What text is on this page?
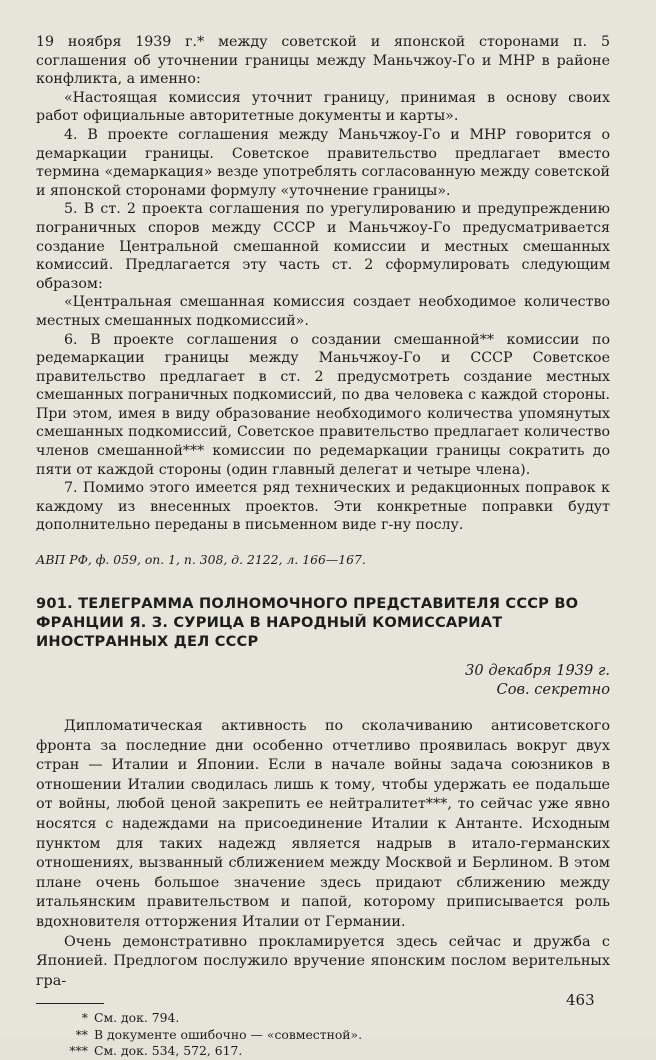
19 ноября 1939 г.* между советской и японской сторонами п. 5 соглашения об уточнении границы между Маньчжоу-Го и МНР в районе конфликта, а именно:

«Настоящая комиссия уточнит границу, принимая в основу своих работ официальные авторитетные документы и карты».

4. В проекте соглашения между Маньчжоу-Го и МНР говорится о демаркации границы. Советское правительство предлагает вместо термина «демаркация» везде употреблять согласованную между советской и японской сторонами формулу «уточнение границы».

5. В ст. 2 проекта соглашения по урегулированию и предупреждению пограничных споров между СССР и Маньчжоу-Го предусматривается создание Центральной смешанной комиссии и местных смешанных комиссий. Предлагается эту часть ст. 2 сформулировать следующим образом:

«Центральная смешанная комиссия создает необходимое количество местных смешанных подкомиссий».

6. В проекте соглашения о создании смешанной** комиссии по редемаркации границы между Маньчжоу-Го и СССР Советское правительство предлагает в ст. 2 предусмотреть создание местных смешанных пограничных подкомиссий, по два человека с каждой стороны. При этом, имея в виду образование необходимого количества упомянутых смешанных подкомиссий, Советское правительство предлагает количество членов смешанной*** комиссии по редемаркации границы сократить до пяти от каждой стороны (один главный делегат и четыре члена).

7. Помимо этого имеется ряд технических и редакционных поправок к каждому из внесенных проектов. Эти конкретные поправки будут дополнительно переданы в письменном виде г-ну послу.

АВП РФ, ф. 059, оп. 1, п. 308, д. 2122, л. 166—167.

901. ТЕЛЕГРАММА ПОЛНОМОЧНОГО ПРЕДСТАВИТЕЛЯ СССР ВО ФРАНЦИИ Я. З. СУРИЦА В НАРОДНЫЙ КОМИССАРИАТ ИНОСТРАННЫХ ДЕЛ СССР

30 декабря 1939 г.
Сов. секретно

Дипломатическая активность по сколачиванию антисоветского фронта за последние дни особенно отчетливо проявилась вокруг двух стран — Италии и Японии. Если в начале войны задача союзников в отношении Италии сводилась лишь к тому, чтобы удержать ее подальше от войны, любой ценой закрепить ее нейтралитет***, то сейчас уже явно носятся с надеждами на присоединение Италии к Антанте. Исходным пунктом для таких надежд является надрыв в итало-германских отношениях, вызванный сближением между Москвой и Берлином. В этом плане очень большое значение здесь придают сближению между итальянским правительством и папой, которому приписывается роль вдохновителя отторжения Италии от Германии.

Очень демонстративно прокламируется здесь сейчас и дружба с Японией. Предлогом послужило вручение японским послом верительных гра-

* См. док. 794.

** В документе ошибочно — «совместной».

*** См. док. 534, 572, 617.

463
